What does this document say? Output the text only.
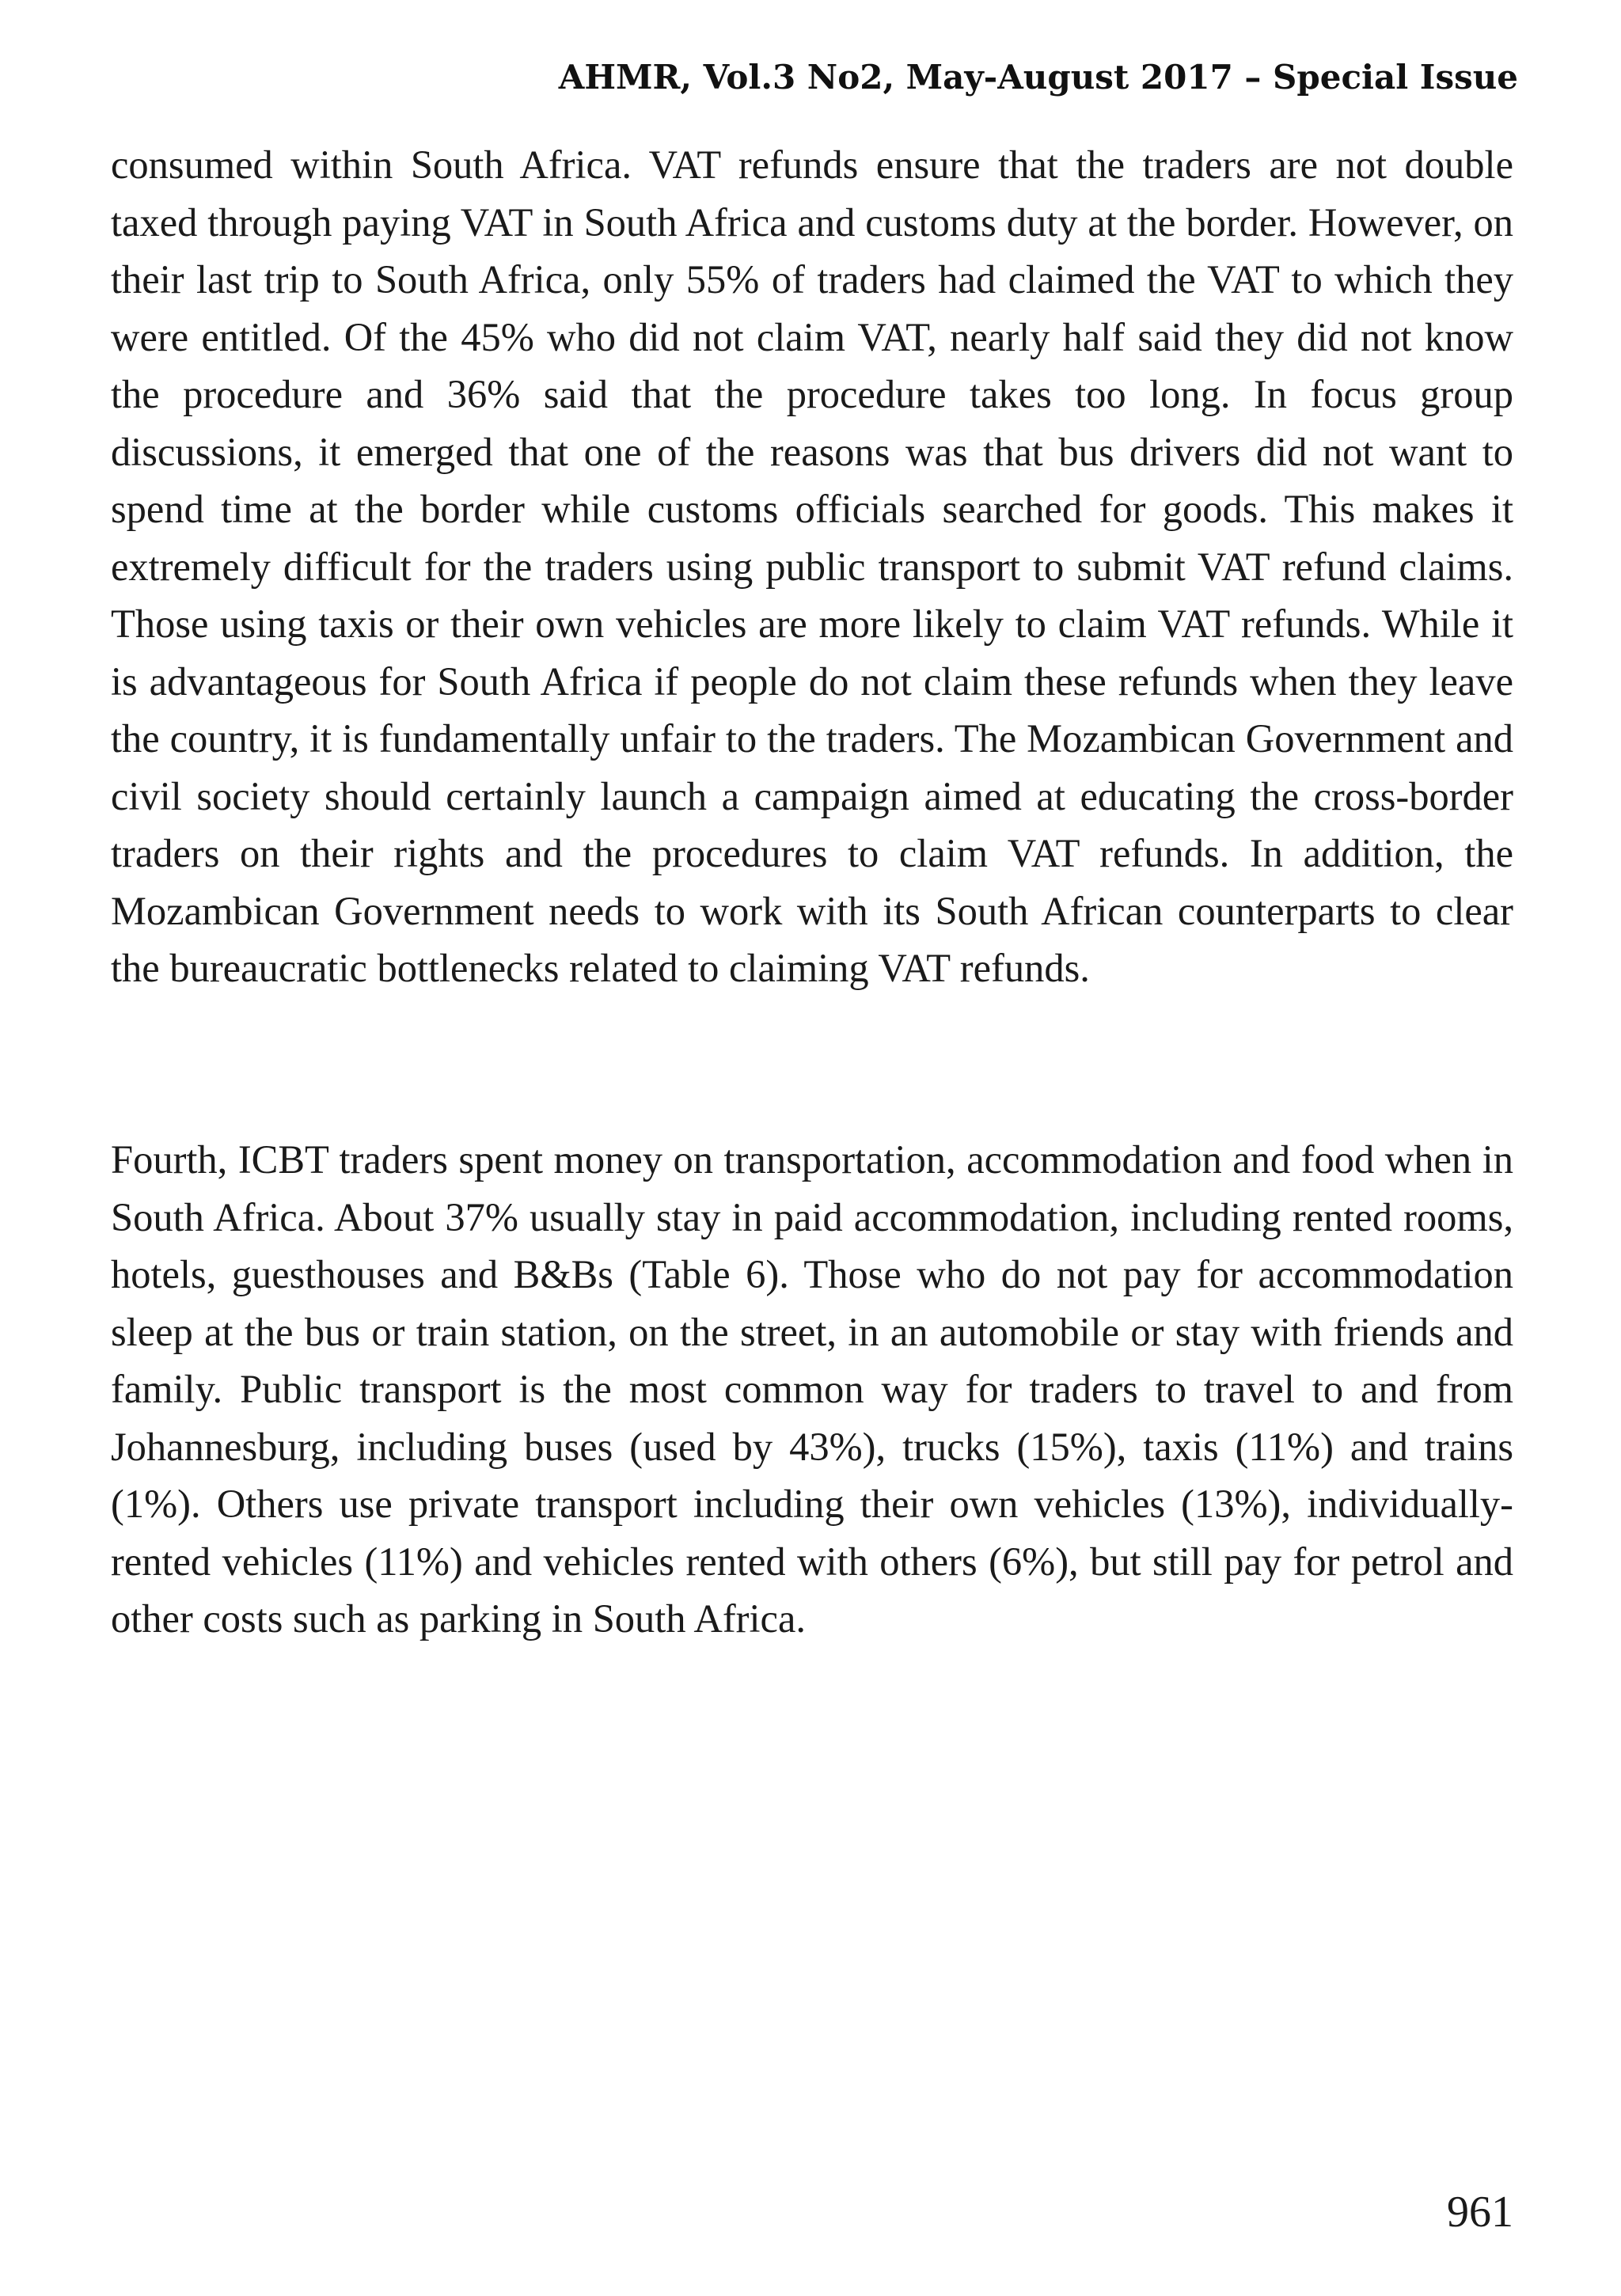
AHMR, Vol.3 No2, May-August 2017 – Special Issue

consumed within South Africa. VAT refunds ensure that the traders are not double taxed through paying VAT in South Africa and customs duty at the border. However, on their last trip to South Africa, only 55% of traders had claimed the VAT to which they were entitled. Of the 45% who did not claim VAT, nearly half said they did not know the procedure and 36% said that the procedure takes too long. In focus group discussions, it emerged that one of the reasons was that bus drivers did not want to spend time at the border while customs officials searched for goods. This makes it extremely difficult for the traders using public transport to submit VAT refund claims. Those using taxis or their own vehicles are more likely to claim VAT refunds. While it is advantageous for South Africa if people do not claim these refunds when they leave the country, it is fundamentally unfair to the traders. The Mozambican Government and civil society should certainly launch a campaign aimed at educating the cross-border traders on their rights and the procedures to claim VAT refunds. In addition, the Mozambican Government needs to work with its South African counterparts to clear the bureaucratic bottlenecks related to claiming VAT refunds.

Fourth, ICBT traders spent money on transportation, accommodation and food when in South Africa. About 37% usually stay in paid accommodation, including rented rooms, hotels, guesthouses and B&Bs (Table 6). Those who do not pay for accommodation sleep at the bus or train station, on the street, in an automobile or stay with friends and family. Public transport is the most common way for traders to travel to and from Johannesburg, including buses (used by 43%), trucks (15%), taxis (11%) and trains (1%). Others use private transport including their own vehicles (13%), individually-rented vehicles (11%) and vehicles rented with others (6%), but still pay for petrol and other costs such as parking in South Africa.

961
